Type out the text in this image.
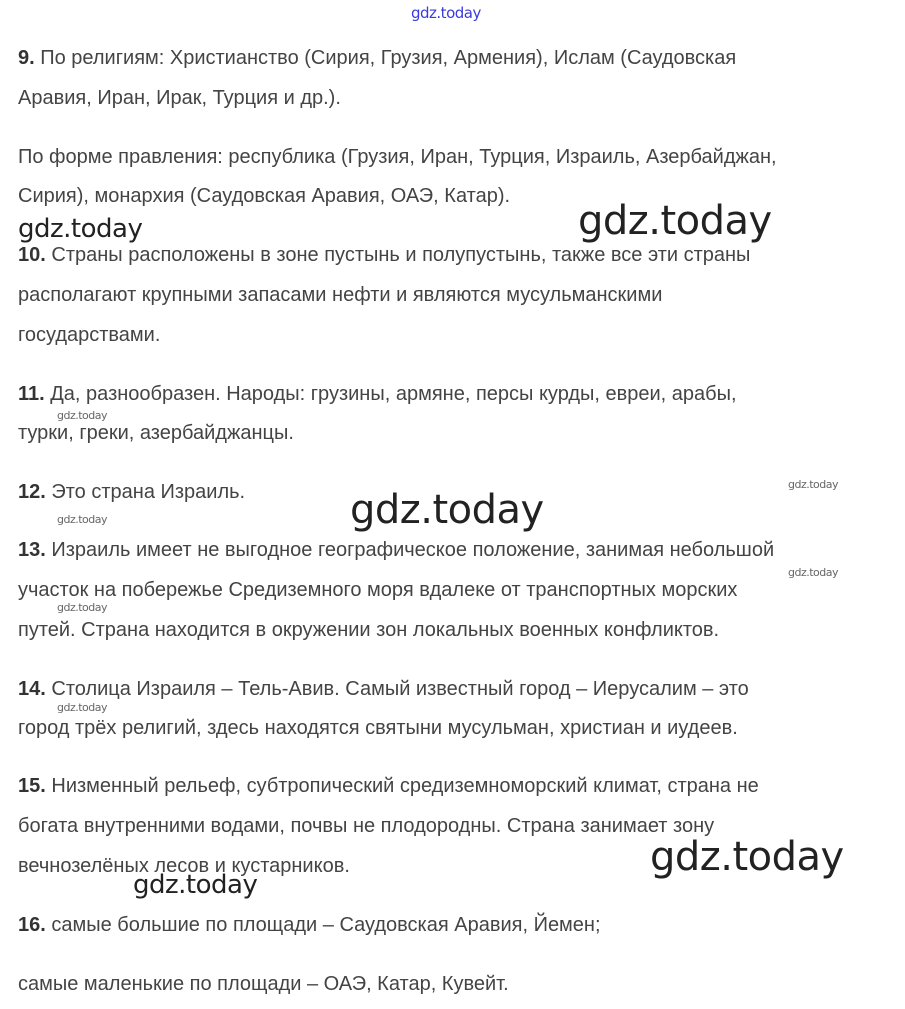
gdz.today
9. По религиям: Христианство (Сирия, Грузия, Армения), Ислам (Саудовская
Аравия, Иран, Ирак, Турция и др.).
По форме правления: республика (Грузия, Иран, Турция, Израиль, Азербайджан,
Сирия), монархия (Саудовская Аравия, ОАЭ, Катар).
gdz.today
gdz.today
10. Страны расположены в зоне пустынь и полупустынь, также все эти страны
располагают крупными запасами нефти и являются мусульманскими
государствами.
11. Да, разнообразен. Народы: грузины, армяне, персы курды, евреи, арабы,
турки, греки, азербайджанцы.
gdz.today
12. Это страна Израиль.	gdz.today
gdz.today
gdz.today
13. Израиль имеет не выгодное географическое положение, занимая небольшой
участок на побережье Средиземного моря вдалеке от транспортных морских
путей. Страна находится в окружении зон локальных военных конфликтов.
gdz.today
gdz.today
14. Столица Израиля – Тель-Авив. Самый известный город – Иерусалим – это
город трёх религий, здесь находятся святыни мусульман, христиан и иудеев.
gdz.today
15. Низменный рельеф, субтропический средиземноморский климат, страна не
богата внутренними водами, почвы не плодородны. Страна занимает зону
вечнозелёных лесов и кустарников.	gdz.today
gdz.today
16. самые большие по площади – Саудовская Аравия, Йемен;
самые маленькие по площади – ОАЭ, Катар, Кувейт.
